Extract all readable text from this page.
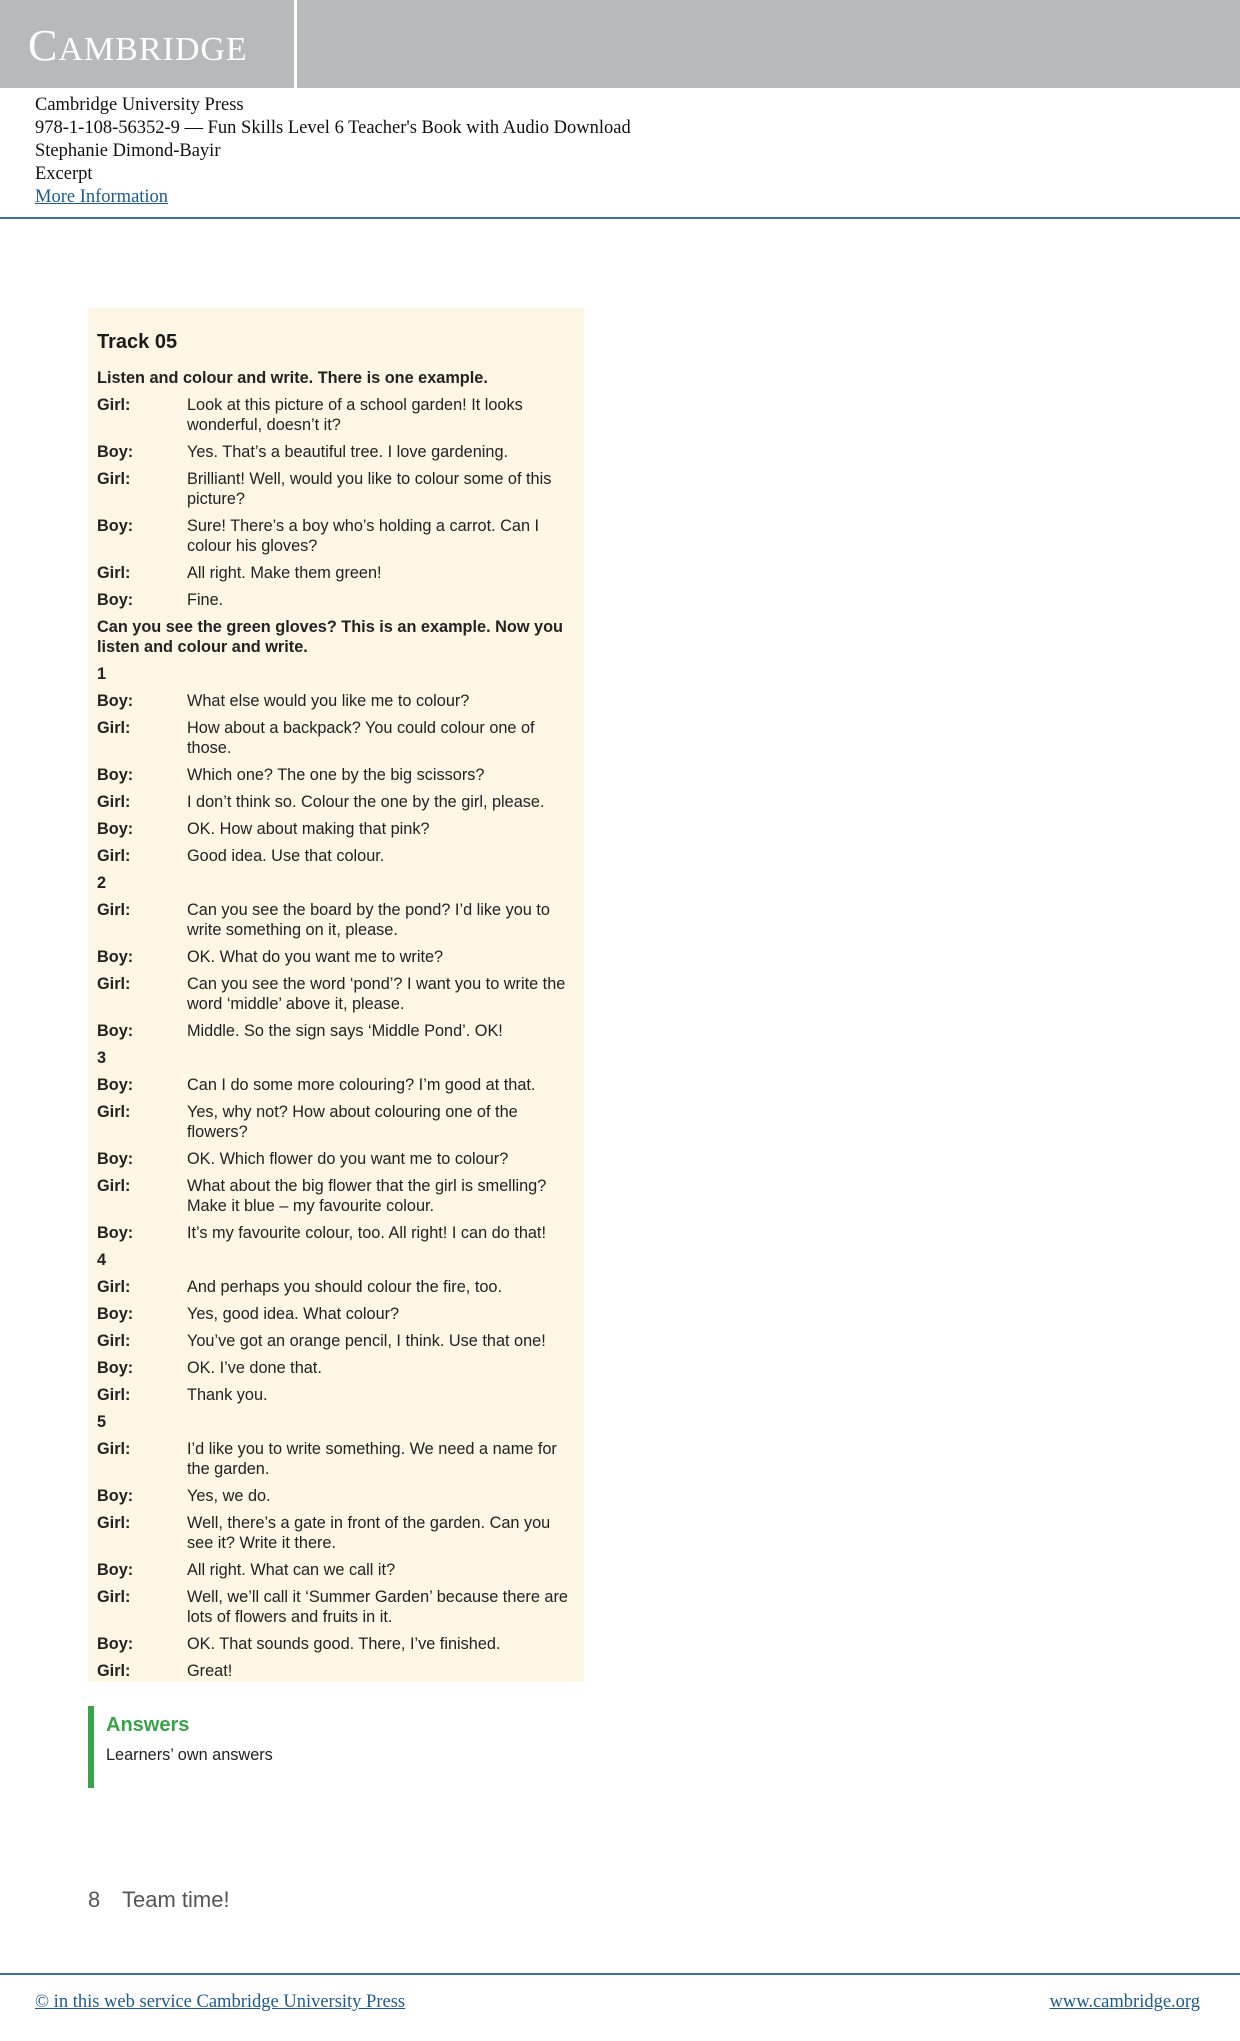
CAMBRIDGE
Cambridge University Press
978-1-108-56352-9 — Fun Skills Level 6 Teacher's Book with Audio Download
Stephanie Dimond-Bayir
Excerpt
More Information
Track 05
Listen and colour and write. There is one example.
Girl:	Look at this picture of a school garden! It looks wonderful, doesn’t it?
Boy:	Yes. That’s a beautiful tree. I love gardening.
Girl:	Brilliant! Well, would you like to colour some of this picture?
Boy:	Sure! There’s a boy who’s holding a carrot. Can I colour his gloves?
Girl:	All right. Make them green!
Boy:	Fine.
Can you see the green gloves? This is an example. Now you listen and colour and write.
1
Boy:	What else would you like me to colour?
Girl:	How about a backpack? You could colour one of those.
Boy:	Which one? The one by the big scissors?
Girl:	I don’t think so. Colour the one by the girl, please.
Boy:	OK. How about making that pink?
Girl:	Good idea. Use that colour.
2
Girl:	Can you see the board by the pond? I’d like you to write something on it, please.
Boy:	OK. What do you want me to write?
Girl:	Can you see the word ‘pond’? I want you to write the word ‘middle’ above it, please.
Boy:	Middle. So the sign says ‘Middle Pond’. OK!
3
Boy:	Can I do some more colouring? I’m good at that.
Girl:	Yes, why not? How about colouring one of the flowers?
Boy:	OK. Which flower do you want me to colour?
Girl:	What about the big flower that the girl is smelling? Make it blue – my favourite colour.
Boy:	It’s my favourite colour, too. All right! I can do that!
4
Girl:	And perhaps you should colour the fire, too.
Boy:	Yes, good idea. What colour?
Girl:	You’ve got an orange pencil, I think. Use that one!
Boy:	OK. I’ve done that.
Girl:	Thank you.
5
Girl:	I’d like you to write something. We need a name for the garden.
Boy:	Yes, we do.
Girl:	Well, there’s a gate in front of the garden. Can you see it? Write it there.
Boy:	All right. What can we call it?
Girl:	Well, we’ll call it ‘Summer Garden’ because there are lots of flowers and fruits in it.
Boy:	OK. That sounds good. There, I’ve finished.
Girl:	Great!
Answers
Learners’ own answers
8 Team time!
© in this web service Cambridge University Press	www.cambridge.org
